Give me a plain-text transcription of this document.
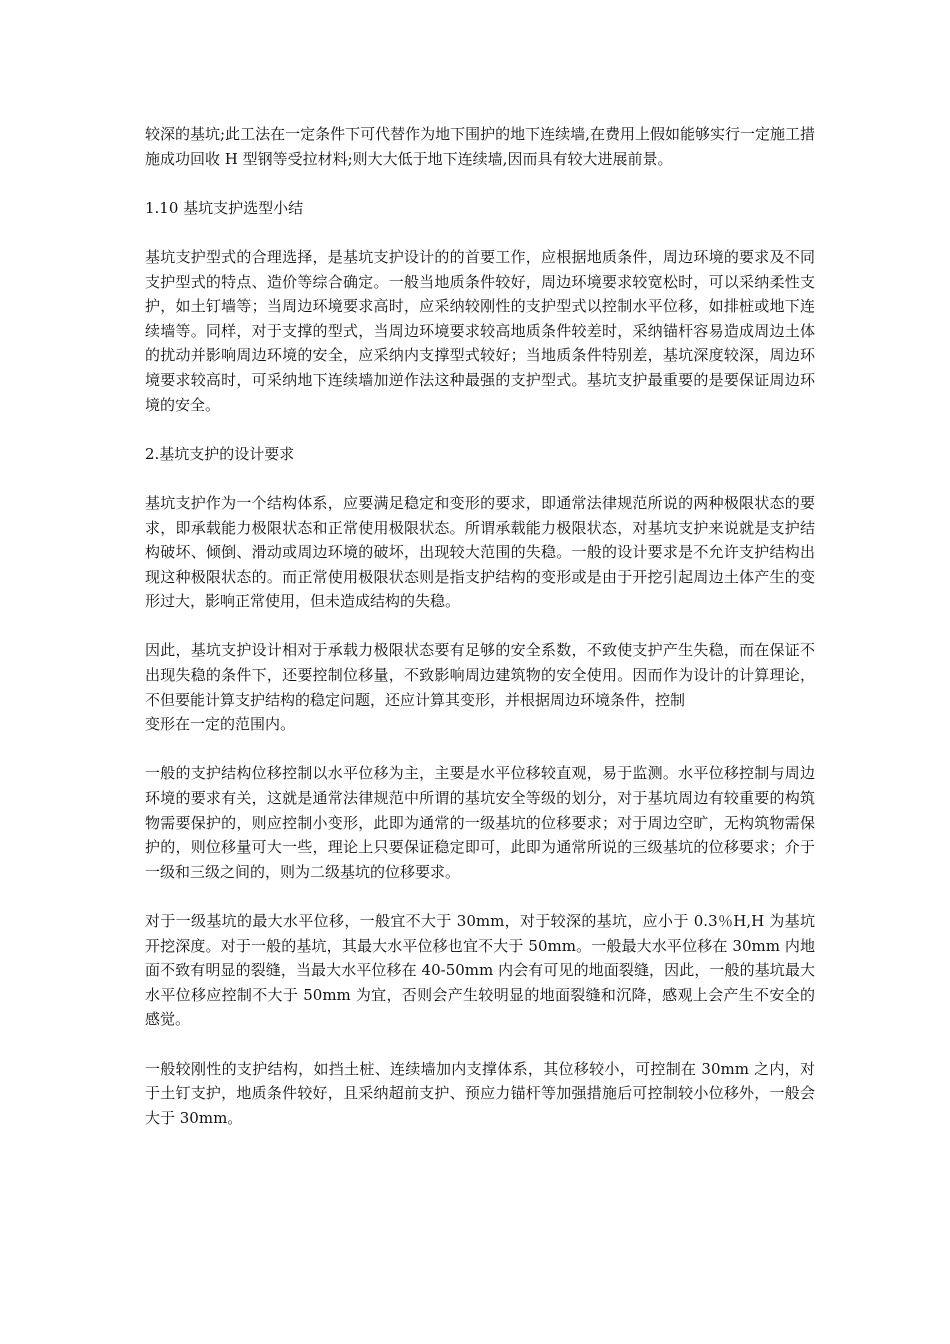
较深的基坑;此工法在一定条件下可代替作为地下围护的地下连续墙,在费用上假如能够实行一定施工措施成功回收 H 型钢等受拉材料;则大大低于地下连续墙,因而具有较大进展前景。

1.10 基坑支护选型小结

基坑支护型式的合理选择，是基坑支护设计的的首要工作，应根据地质条件，周边环境的要求及不同支护型式的特点、造价等综合确定。一般当地质条件较好，周边环境要求较宽松时，可以采纳柔性支护，如土钉墙等；当周边环境要求高时，应采纳较刚性的支护型式以控制水平位移，如排桩或地下连续墙等。同样，对于支撑的型式，当周边环境要求较高地质条件较差时，采纳锚杆容易造成周边土体的扰动并影响周边环境的安全，应采纳内支撑型式较好；当地质条件特别差，基坑深度较深，周边环境要求较高时，可采纳地下连续墙加逆作法这种最强的支护型式。基坑支护最重要的是要保证周边环境的安全。

2.基坑支护的设计要求

基坑支护作为一个结构体系，应要满足稳定和变形的要求，即通常法律规范所说的两种极限状态的要求，即承载能力极限状态和正常使用极限状态。所谓承载能力极限状态，对基坑支护来说就是支护结构破坏、倾倒、滑动或周边环境的破坏，出现较大范围的失稳。一般的设计要求是不允许支护结构出现这种极限状态的。而正常使用极限状态则是指支护结构的变形或是由于开挖引起周边土体产生的变形过大，影响正常使用，但未造成结构的失稳。

因此，基坑支护设计相对于承载力极限状态要有足够的安全系数，不致使支护产生失稳，而在保证不出现失稳的条件下，还要控制位移量，不致影响周边建筑物的安全使用。因而作为设计的计算理论，不但要能计算支护结构的稳定问题，还应计算其变形，并根据周边环境条件，控制
变形在一定的范围内。

一般的支护结构位移控制以水平位移为主，主要是水平位移较直观，易于监测。水平位移控制与周边环境的要求有关，这就是通常法律规范中所谓的基坑安全等级的划分，对于基坑周边有较重要的构筑物需要保护的，则应控制小变形，此即为通常的一级基坑的位移要求；对于周边空旷，无构筑物需保护的，则位移量可大一些，理论上只要保证稳定即可，此即为通常所说的三级基坑的位移要求；介于一级和三级之间的，则为二级基坑的位移要求。

对于一级基坑的最大水平位移，一般宜不大于 30mm，对于较深的基坑，应小于 0.3％H,H 为基坑开挖深度。对于一般的基坑，其最大水平位移也宜不大于 50mm。一般最大水平位移在 30mm 内地面不致有明显的裂缝，当最大水平位移在 40-50mm 内会有可见的地面裂缝，因此，一般的基坑最大水平位移应控制不大于 50mm 为宜，否则会产生较明显的地面裂缝和沉降，感观上会产生不安全的感觉。

一般较刚性的支护结构，如挡土桩、连续墙加内支撑体系，其位移较小，可控制在 30mm 之内，对于土钉支护，地质条件较好，且采纳超前支护、预应力锚杆等加强措施后可控制较小位移外，一般会大于 30mm。
